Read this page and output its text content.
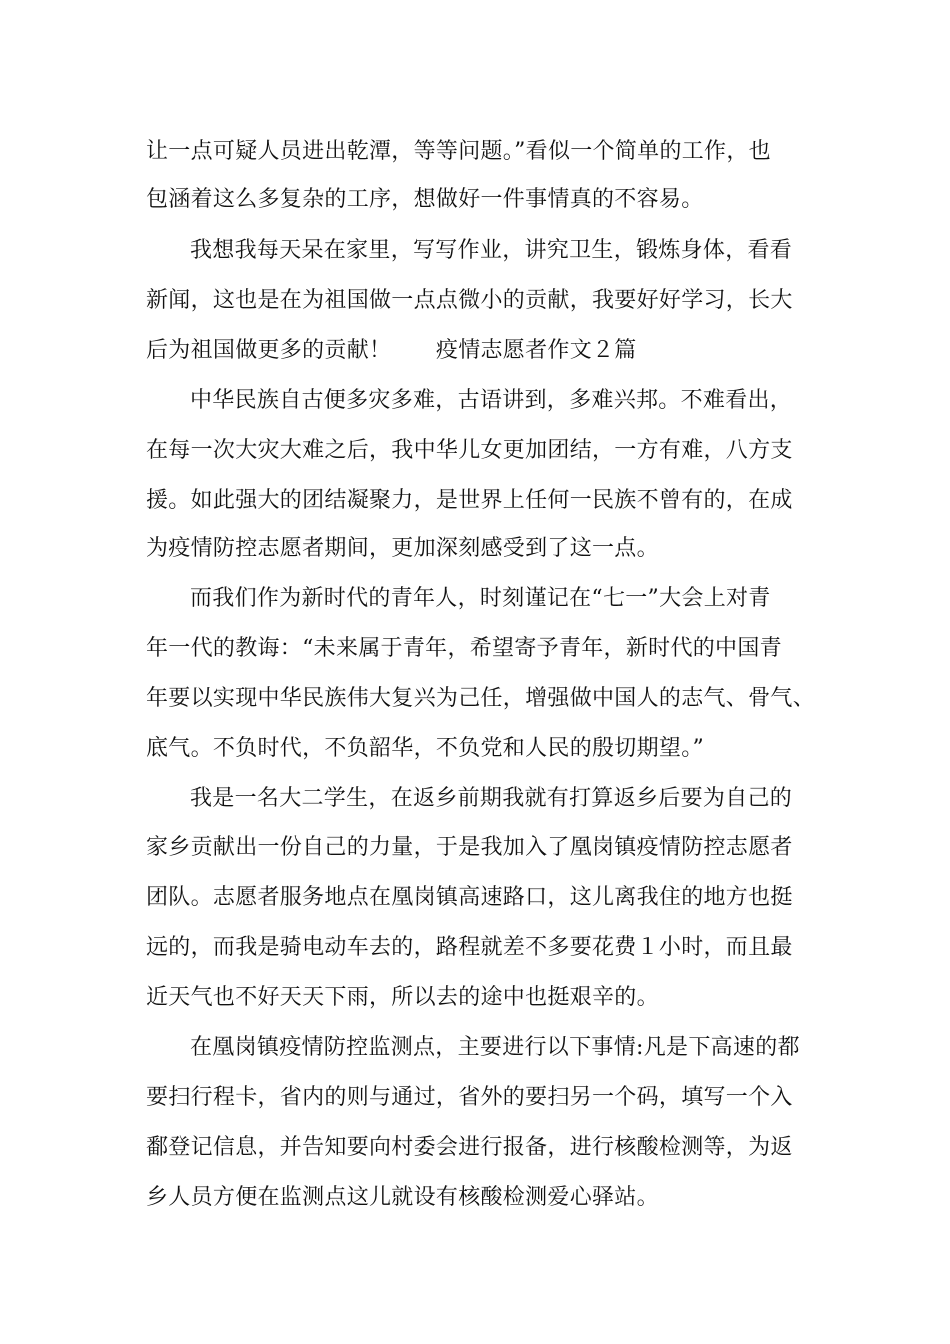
让一点可疑人员进出乾潭，等等问题。”看似一个简单的工作，也

包涵着这么多复杂的工序，想做好一件事情真的不容易。

我想我每天呆在家里，写写作业，讲究卫生，锻炼身体，看看

新闻，这也是在为祖国做一点点微小的贡献，我要好好学习，长大

后为祖国做更多的贡献！　　疫情志愿者作文２篇

中华民族自古便多灾多难，古语讲到，多难兴邦。不难看出，

在每一次大灾大难之后，我中华儿女更加团结，一方有难，八方支

援。如此强大的团结凝聚力，是世界上任何一民族不曾有的，在成

为疫情防控志愿者期间，更加深刻感受到了这一点。

而我们作为新时代的青年人，时刻谨记在“七一”大会上对青

年一代的教诲：“未来属于青年，希望寄予青年，新时代的中国青

年要以实现中华民族伟大复兴为己任，增强做中国人的志气、骨气、

底气。不负时代，不负韶华，不负党和人民的殷切期望。”

我是一名大二学生，在返乡前期我就有打算返乡后要为自己的

家乡贡献出一份自己的力量，于是我加入了凰岗镇疫情防控志愿者

团队。志愿者服务地点在凰岗镇高速路口，这儿离我住的地方也挺

远的，而我是骑电动车去的，路程就差不多要花费１小时，而且最

近天气也不好天天下雨，所以去的途中也挺艰辛的。

在凰岗镇疫情防控监测点，主要进行以下事情:凡是下高速的都

要扫行程卡，省内的则与通过，省外的要扫另一个码，填写一个入

鄱登记信息，并告知要向村委会进行报备，进行核酸检测等，为返

乡人员方便在监测点这儿就设有核酸检测爱心驿站。
